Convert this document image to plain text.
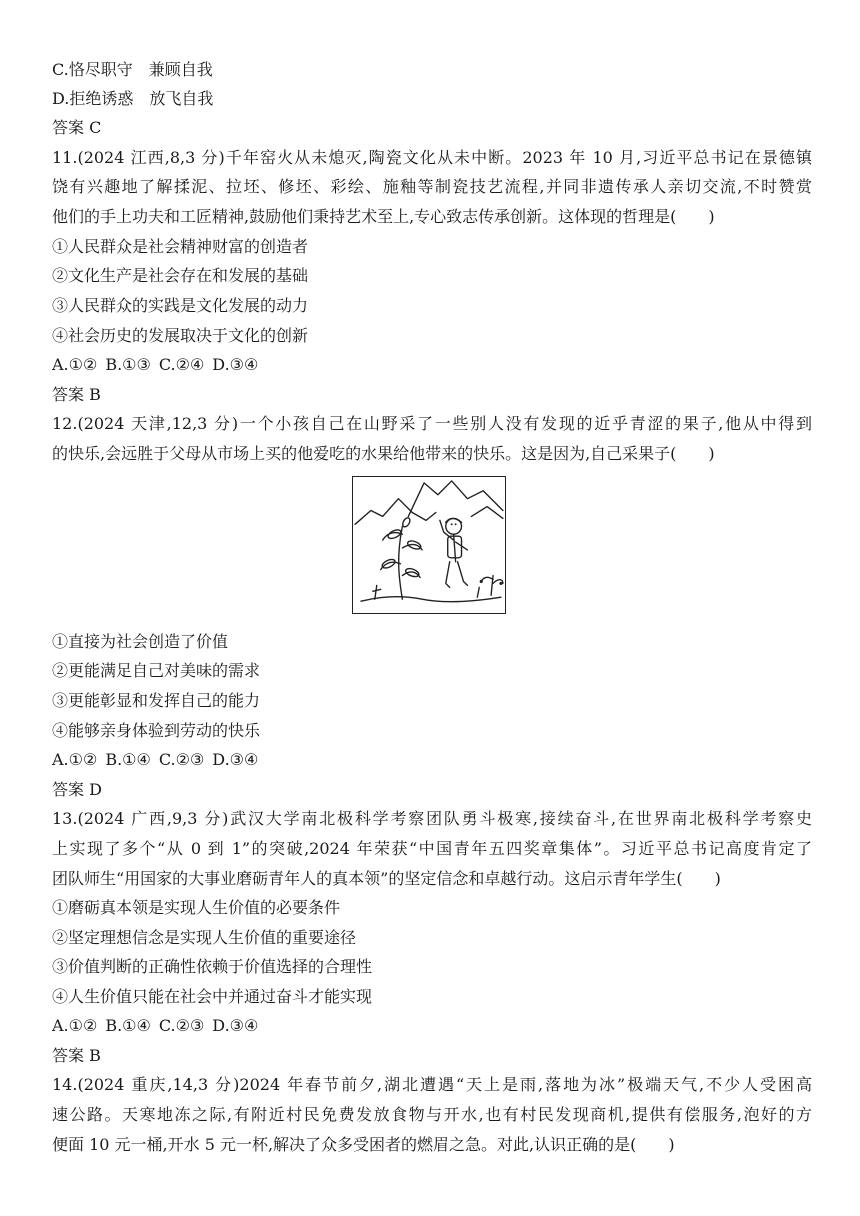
C.恪尽职守　兼顾自我
D.拒绝诱惑　放飞自我
答案 C
11.(2024 江西,8,3 分)千年窑火从未熄灭,陶瓷文化从未中断。2023 年 10 月,习近平总书记在景德镇
饶有兴趣地了解揉泥、拉坯、修坯、彩绘、施釉等制瓷技艺流程,并同非遗传承人亲切交流,不时赞赏
他们的手上功夫和工匠精神,鼓励他们秉持艺术至上,专心致志传承创新。这体现的哲理是(　　)
①人民群众是社会精神财富的创造者
②文化生产是社会存在和发展的基础
③人民群众的实践是文化发展的动力
④社会历史的发展取决于文化的创新
A.①② B.①③ C.②④ D.③④
答案 B
12.(2024 天津,12,3 分)一个小孩自己在山野采了一些别人没有发现的近乎青涩的果子,他从中得到
的快乐,会远胜于父母从市场上买的他爱吃的水果给他带来的快乐。这是因为,自己采果子(　　)
①直接为社会创造了价值
②更能满足自己对美味的需求
③更能彰显和发挥自己的能力
④能够亲身体验到劳动的快乐
A.①② B.①④ C.②③ D.③④
答案 D
13.(2024 广西,9,3 分)武汉大学南北极科学考察团队勇斗极寒,接续奋斗,在世界南北极科学考察史
上实现了多个“从 0 到 1”的突破,2024 年荣获“中国青年五四奖章集体”。习近平总书记高度肯定了
团队师生“用国家的大事业磨砺青年人的真本领”的坚定信念和卓越行动。这启示青年学生(　　)
①磨砺真本领是实现人生价值的必要条件
②坚定理想信念是实现人生价值的重要途径
③价值判断的正确性依赖于价值选择的合理性
④人生价值只能在社会中并通过奋斗才能实现
A.①② B.①④ C.②③ D.③④
答案 B
14.(2024 重庆,14,3 分)2024 年春节前夕,湖北遭遇“天上是雨,落地为冰”极端天气,不少人受困高
速公路。天寒地冻之际,有附近村民免费发放食物与开水,也有村民发现商机,提供有偿服务,泡好的方
便面 10 元一桶,开水 5 元一杯,解决了众多受困者的燃眉之急。对此,认识正确的是(　　)
